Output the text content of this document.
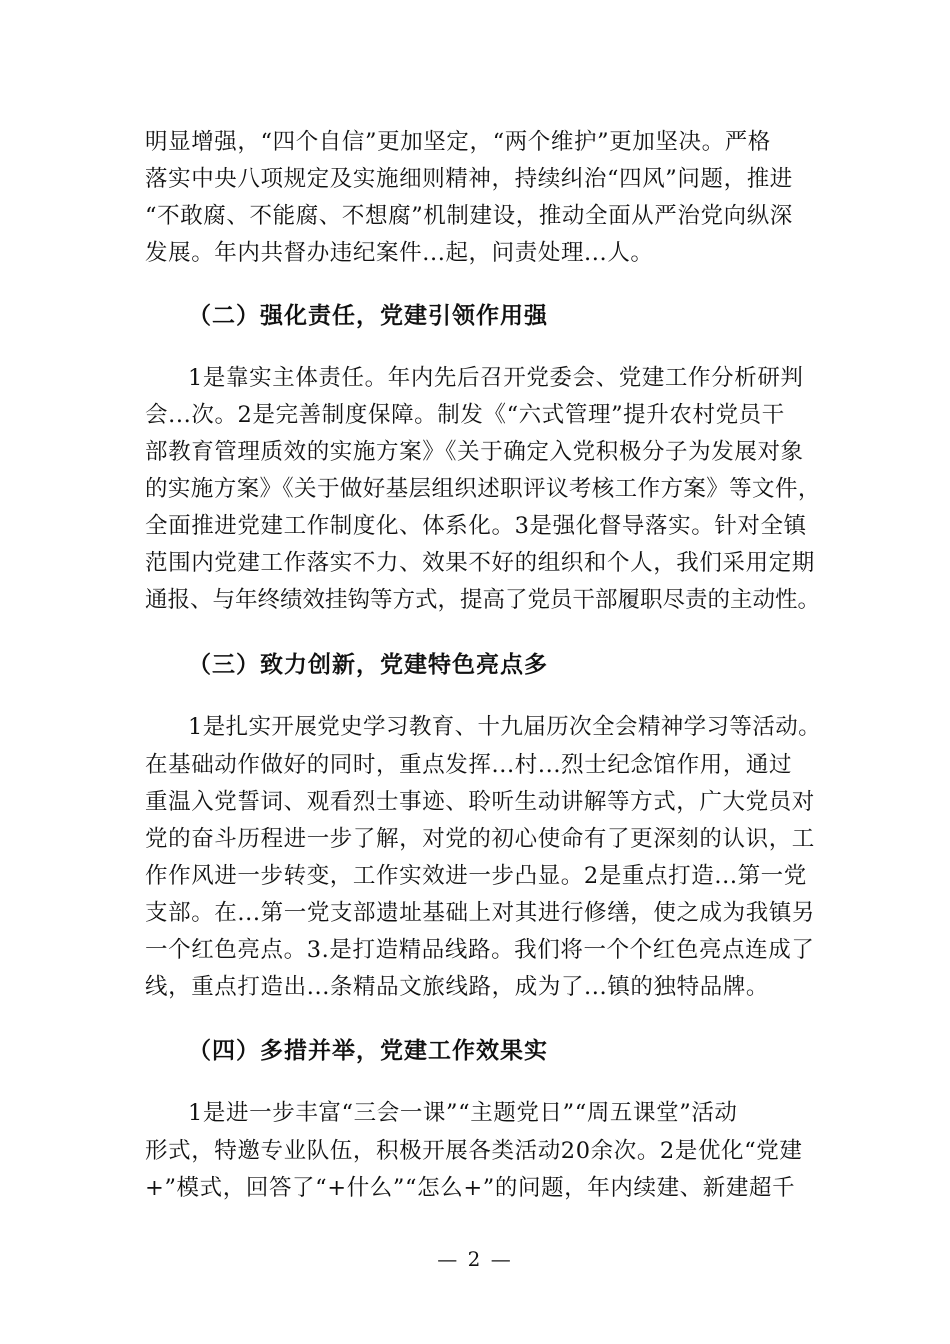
明显增强，“四个自信”更加坚定，“两个维护”更加坚决。严格
落实中央八项规定及实施细则精神，持续纠治“四风”问题，推进
“不敢腐、不能腐、不想腐”机制建设，推动全面从严治党向纵深
发展。年内共督办违纪案件...起，问责处理...人。
（二）强化责任，党建引领作用强
1是靠实主体责任。年内先后召开党委会、党建工作分析研判
会...次。2是完善制度保障。制发《“六式管理”提升农村党员干
部教育管理质效的实施方案》《关于确定入党积极分子为发展对象
的实施方案》《关于做好基层组织述职评议考核工作方案》等文件，
全面推进党建工作制度化、体系化。3是强化督导落实。针对全镇
范围内党建工作落实不力、效果不好的组织和个人，我们采用定期
通报、与年终绩效挂钩等方式，提高了党员干部履职尽责的主动性。
（三）致力创新，党建特色亮点多
1是扎实开展党史学习教育、十九届历次全会精神学习等活动。
在基础动作做好的同时，重点发挥...村...烈士纪念馆作用，通过
重温入党誓词、观看烈士事迹、聆听生动讲解等方式，广大党员对
党的奋斗历程进一步了解，对党的初心使命有了更深刻的认识，工
作作风进一步转变，工作实效进一步凸显。2是重点打造...第一党
支部。在...第一党支部遗址基础上对其进行修缮，使之成为我镇另
一个红色亮点。3.是打造精品线路。我们将一个个红色亮点连成了
线，重点打造出...条精品文旅线路，成为了...镇的独特品牌。
（四）多措并举，党建工作效果实
1是进一步丰富“三会一课”“主题党日”“周五课堂”活动
形式，特邀专业队伍，积极开展各类活动20余次。2是优化“党建
+”模式，回答了“+什么”“怎么+”的问题，年内续建、新建超千
— 2 —
